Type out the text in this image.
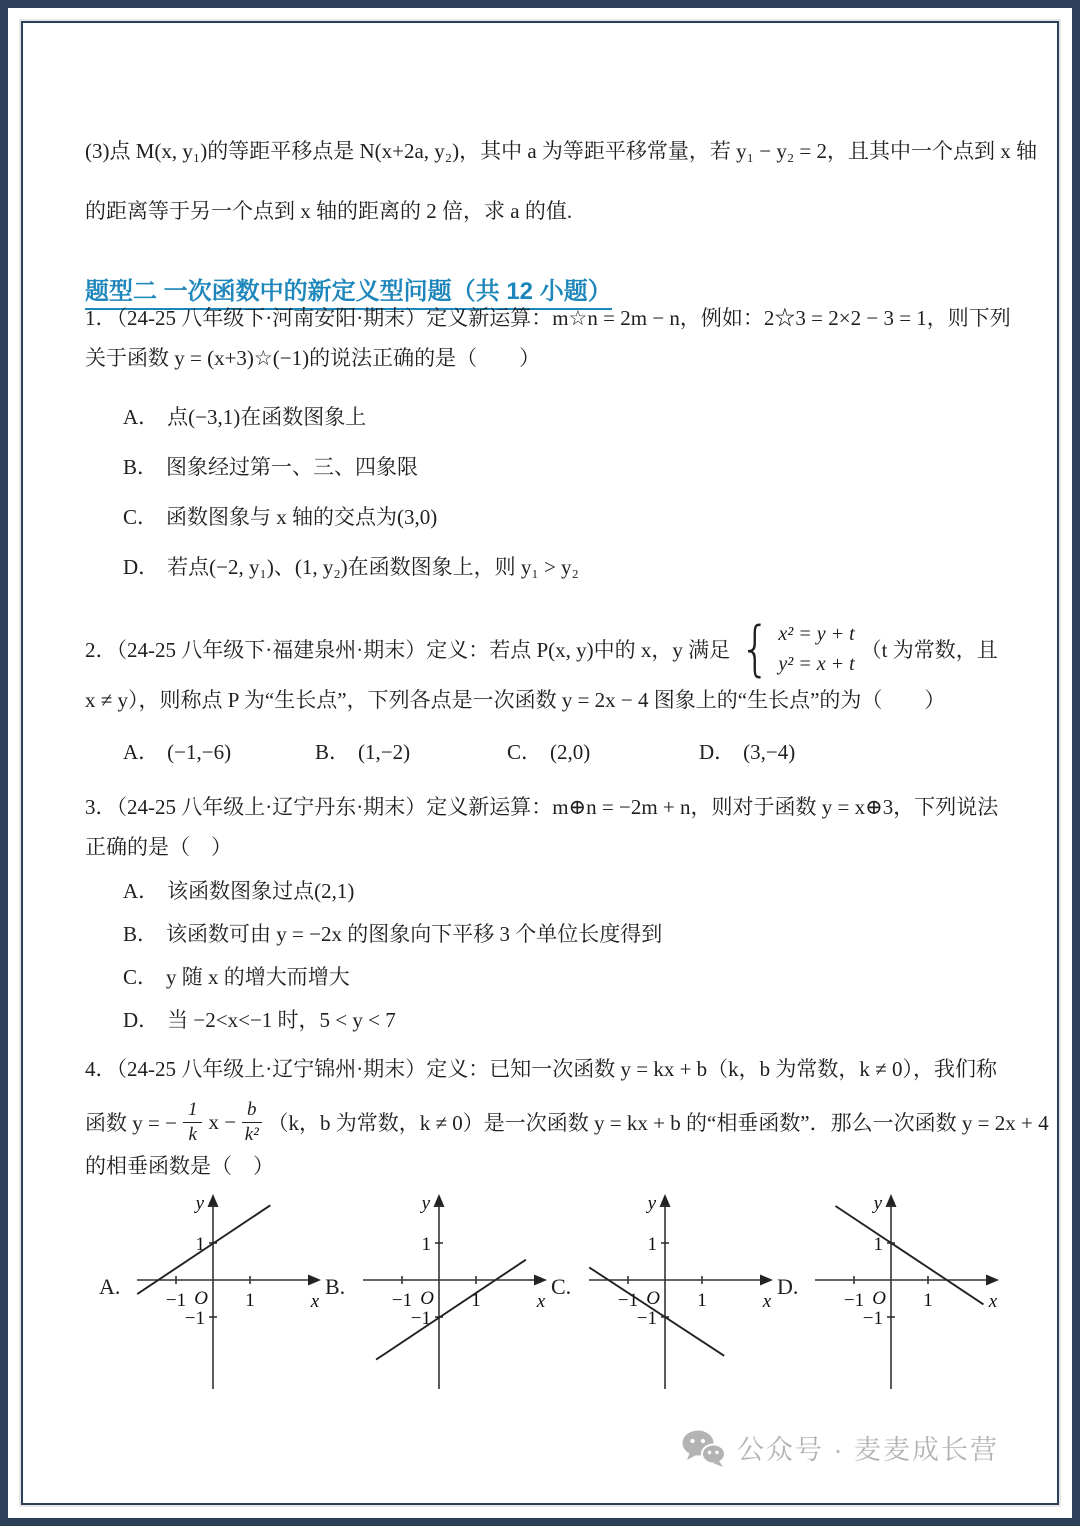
(3)点 M(x, y₁)的等距平移点是 N(x+2a, y₂)，其中 a 为等距平移常量，若 y₁ − y₂ = 2，且其中一个点到 x 轴

的距离等于另一个点到 x 轴的距离的 2 倍，求 a 的值.

题型二 一次函数中的新定义型问题（共 12 小题）

1．（24-25 八年级下·河南安阳·期末）定义新运算：m☆n = 2m − n，例如：2☆3 = 2×2 − 3 = 1，则下列

关于函数 y = (x+3)☆(−1)的说法正确的是（　　）

A． 点(−3,1)在函数图象上

B． 图象经过第一、三、四象限

C． 函数图象与 x 轴的交点为(3,0)

D． 若点(−2, y₁)、(1, y₂)在函数图象上，则 y₁ > y₂

2．（24-25 八年级下·福建泉州·期末）定义：若点 P(x, y)中的 x，y 满足 { x² = y + t
y² = x + t
（t 为常数，且

x ≠ y），则称点 P 为“生长点”，下列各点是一次函数 y = 2x − 4 图象上的“生长点”的为（　　）

A． (−1,−6)	B． (1,−2)	C． (2,0)	D． (3,−4)

3．（24-25 八年级上·辽宁丹东·期末）定义新运算：m⊕n = −2m + n，则对于函数 y = x⊕3，下列说法

正确的是（　）

A． 该函数图象过点(2,1)

B． 该函数可由 y = −2x 的图象向下平移 3 个单位长度得到

C． y 随 x 的增大而增大

D． 当 −2<x<−1 时，5 < y < 7

4．（24-25 八年级上·辽宁锦州·期末）定义：已知一次函数 y = kx + b（k，b 为常数，k ≠ 0），我们称

函数 y = − $\frac{1}{k}$ $x - \frac{b}{\text{k²}} (k$，b 为常数，k ≠ 0）是一次函数 y = kx + b 的“相垂函数”．那么一次函数 y = 2x + 4

的相垂函数是（　）

A.
y
x
O
−1	1
1
−1
B.
y
x
O
−1	1
1
−1
C.
y
x
O
−1	1
1
−1
D.
y
x
O
−1	1
1
−1
公众号 · 麦麦成长营
